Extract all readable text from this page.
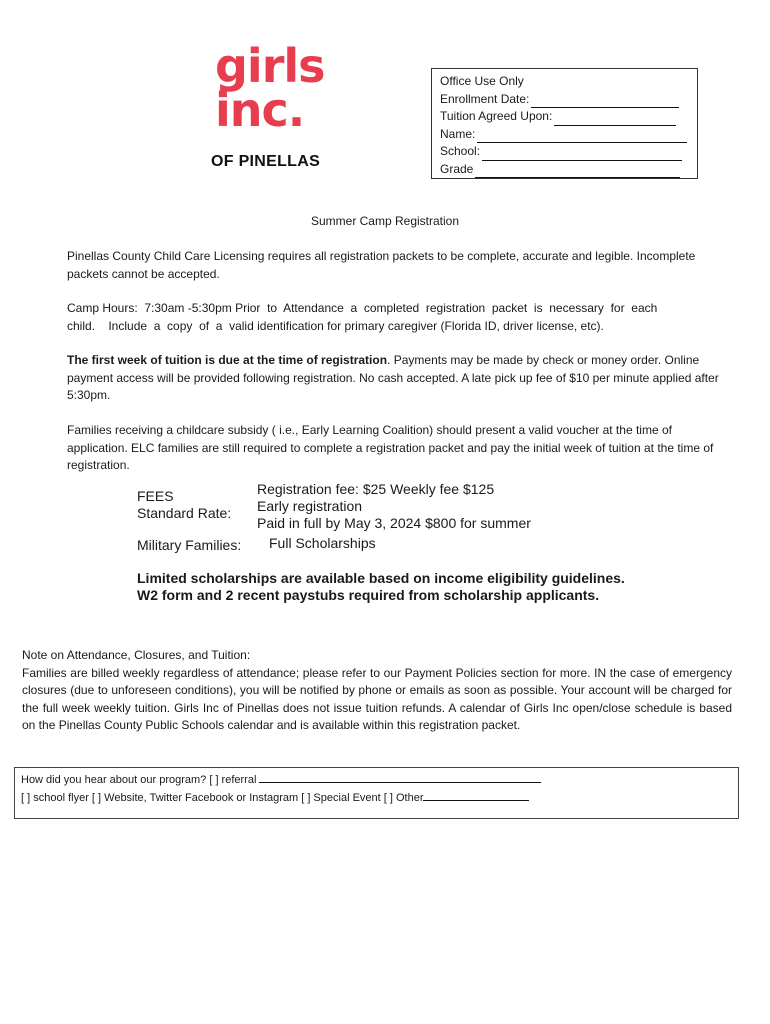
girls
inc.
OF PINELLAS
Office Use Only
Enrollment Date:
Tuition Agreed Upon:
Name:
School:
Grade
Summer Camp Registration
Pinellas County Child Care Licensing requires all registration packets to be complete, accurate and legible. Incomplete packets cannot be accepted.
Camp Hours:  7:30am -5:30pm Prior  to  Attendance  a  completed  registration  packet  is  necessary  for  each
child.    Include  a  copy  of  a  valid identification for primary caregiver (Florida ID, driver license, etc).
The first week of tuition is due at the time of registration. Payments may be made by check or money order. Online payment access will be provided following registration. No cash accepted. A late pick up fee of $10 per minute applied after 5:30pm.
Families receiving a childcare subsidy ( i.e., Early Learning Coalition) should present a valid voucher at the time of application. ELC families are still required to complete a registration packet and pay the initial week of tuition at the time of registration.
FEES
Standard Rate:
Registration fee: $25 Weekly fee $125
Early registration
Paid in full by May 3, 2024 $800 for summer
Military Families: Full Scholarships
Limited scholarships are available based on income eligibility guidelines.
W2 form and 2 recent paystubs required from scholarship applicants.
Note on Attendance, Closures, and Tuition:
Families are billed weekly regardless of attendance; please refer to our Payment Policies section for more. IN the case of emergency closures (due to unforeseen conditions), you will be notified by phone or emails as soon as possible. Your account will be charged for the full week weekly tuition. Girls Inc of Pinellas does not issue tuition refunds. A calendar of Girls Inc open/close schedule is based on the Pinellas County Public Schools calendar and is available within this registration packet.
How did you hear about our program? [ ] referral
[ ] school flyer [ ] Website, Twitter Facebook or Instagram [ ] Special Event [ ] Other
